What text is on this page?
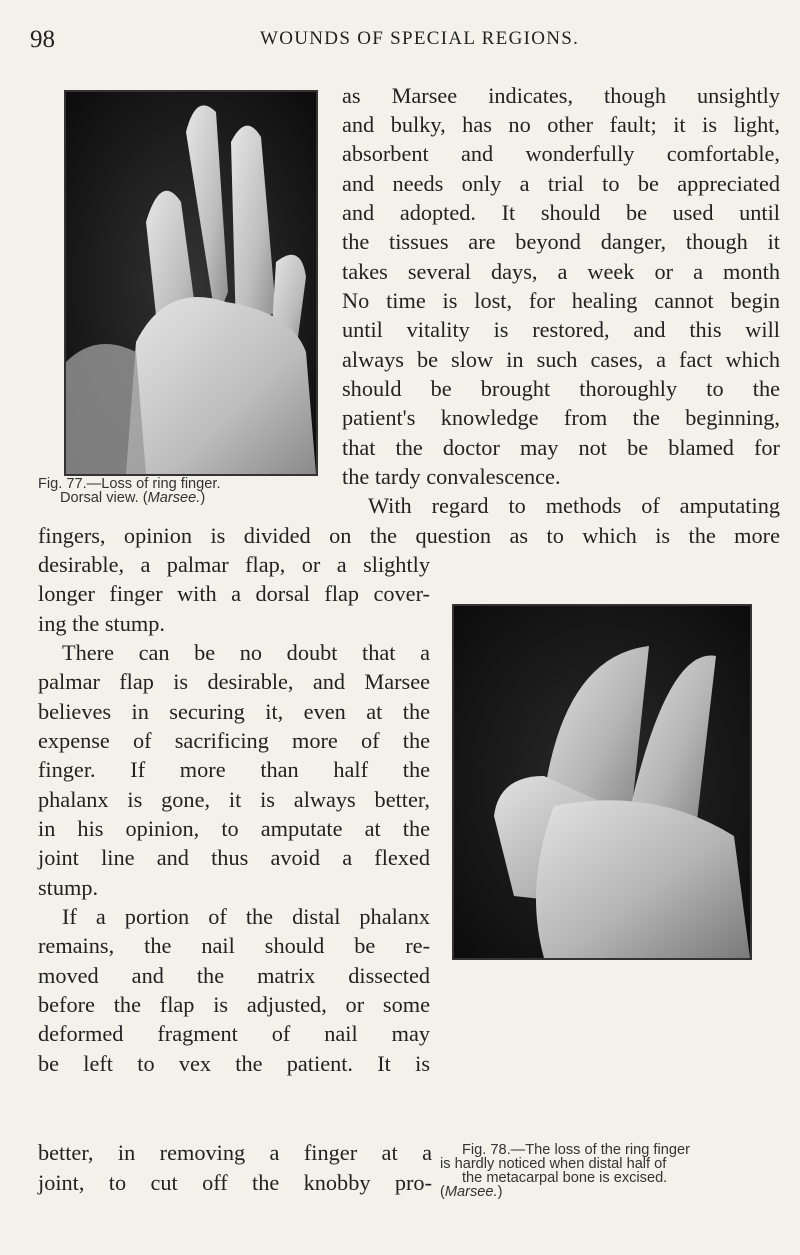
98	WOUNDS OF SPECIAL REGIONS.
Fig. 77.—Loss of ring finger.
Dorsal view. (Marsee.)
Fig. 78.—The loss of the ring finger
is hardly noticed when distal half of
the metacarpal bone is excised.
(Marsee.)
as Marsee indicates, though unsightly
and bulky, has no other fault; it is light,
absorbent and wonderfully comfortable,
and needs only a trial to be appreciated
and adopted. It should be used until
the tissues are beyond danger, though it
takes several days, a week or a month
No time is lost, for healing cannot begin
until vitality is restored, and this will
always be slow in such cases, a fact which
should be brought thoroughly to the
patient's knowledge from the beginning,
that the doctor may not be blamed for
the tardy convalescence.
With regard to methods of amputating
fingers, opinion is divided on the question as to which is the more
desirable, a palmar flap, or a slightly
longer finger with a dorsal flap cover-
ing the stump.
There can be no doubt that a
palmar flap is desirable, and Marsee
believes in securing it, even at the
expense of sacrificing more of the
finger. If more than half the
phalanx is gone, it is always better,
in his opinion, to amputate at the
joint line and thus avoid a flexed
stump.
If a portion of the distal phalanx
remains, the nail should be re-
moved and the matrix dissected
before the flap is adjusted, or some
deformed fragment of nail may
be left to vex the patient. It is
better, in removing a finger at a
joint, to cut off the knobby pro-
